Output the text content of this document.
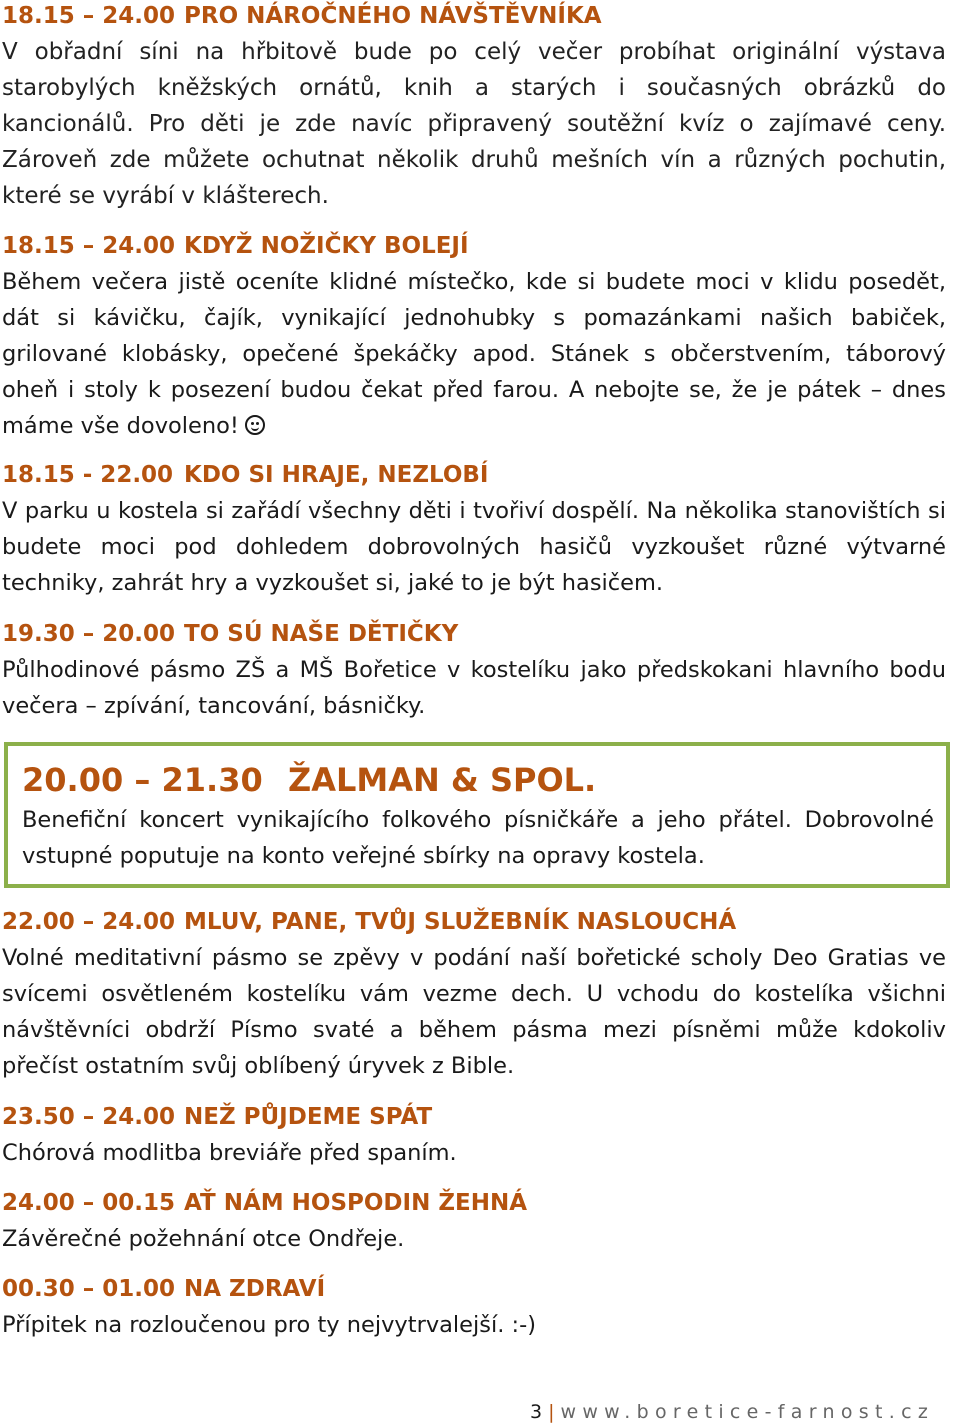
18.15 – 24.00 PRO NÁROČNÉHO NÁVŠTĚVNÍKA
V obřadní síni na hřbitově bude po celý večer probíhat originální výstava starobylých kněžských ornátů, knih a starých i současných obrázků do kancionálů. Pro děti je zde navíc připravený soutěžní kvíz o zajímavé ceny. Zároveň zde můžete ochutnat několik druhů mešních vín a různých pochutin, které se vyrábí v klášterech.
18.15 – 24.00 KDYŽ NOŽIČKY BOLEJÍ
Během večera jistě oceníte klidné místečko, kde si budete moci v klidu posedět, dát si kávičku, čajík, vynikající jednohubky s pomazánkami našich babiček, grilované klobásky, opečené špekáčky apod. Stánek s občerstvením, táborový oheň i stoly k posezení budou čekat před farou. A nebojte se, že je pátek – dnes máme vše dovoleno!
18.15 - 22.00 KDO SI HRAJE, NEZLOBÍ
V parku u kostela si zařádí všechny děti i tvořiví dospělí. Na několika stanovištích si budete moci pod dohledem dobrovolných hasičů vyzkoušet různé výtvarné techniky, zahrát hry a vyzkoušet si, jaké to je být hasičem.
19.30 – 20.00 TO SÚ NAŠE DĚTIČKY
Půlhodinové pásmo ZŠ a MŠ Bořetice v kostelíku jako předskokani hlavního bodu večera – zpívání, tancování, básničky.
20.00 – 21.30 ŽALMAN & SPOL.
Benefiční koncert vynikajícího folkového písničkáře a jeho přátel. Dobrovolné vstupné poputuje na konto veřejné sbírky na opravy kostela.
22.00 – 24.00 MLUV, PANE, TVŮJ SLUŽEBNÍK NASLOUCHÁ
Volné meditativní pásmo se zpěvy v podání naší bořetické scholy Deo Gratias ve svícemi osvětleném kostelíku vám vezme dech. U vchodu do kostelíka všichni návštěvníci obdrží Písmo svaté a během pásma mezi písněmi může kdokoliv přečíst ostatním svůj oblíbený úryvek z Bible.
23.50 – 24.00 NEŽ PŮJDEME SPÁT
Chórová modlitba breviáře před spaním.
24.00 – 00.15 AŤ NÁM HOSPODIN ŽEHNÁ
Závěrečné požehnání otce Ondřeje.
00.30 – 01.00 NA ZDRAVÍ
Přípitek na rozloučenou pro ty nejvytrvalejší. :-)
3 | www.boretice-farnost.cz
